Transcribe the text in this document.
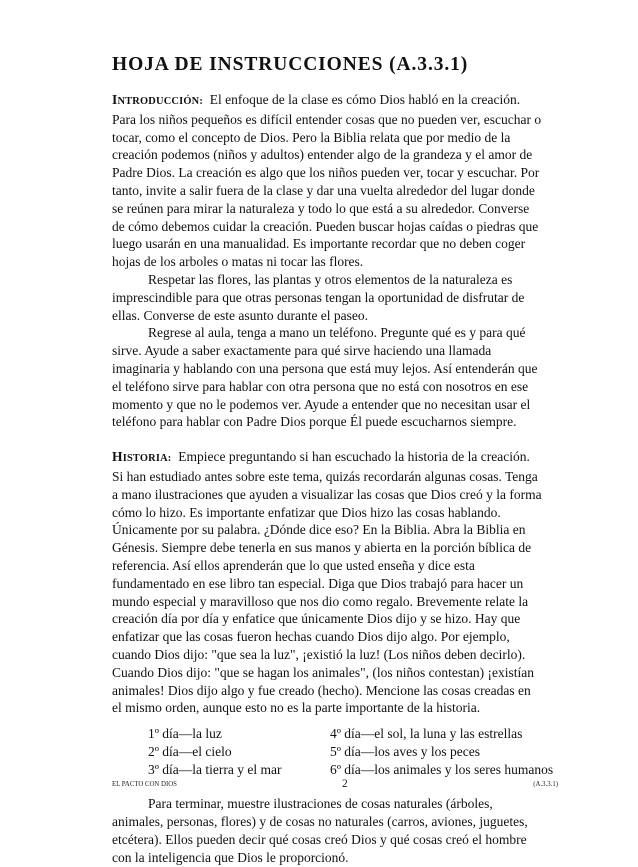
HOJA DE INSTRUCCIONES (A.3.3.1)

INTRODUCCIÓN: El enfoque de la clase es cómo Dios habló en la creación. Para los niños pequeños es difícil entender cosas que no pueden ver, escuchar o tocar, como el concepto de Dios. Pero la Biblia relata que por medio de la creación podemos (niños y adultos) entender algo de la grandeza y el amor de Padre Dios. La creación es algo que los niños pueden ver, tocar y escuchar. Por tanto, invite a salir fuera de la clase y dar una vuelta alrededor del lugar donde se reúnen para mirar la naturaleza y todo lo que está a su alrededor. Converse de cómo debemos cuidar la creación. Pueden buscar hojas caídas o piedras que luego usarán en una manualidad. Es importante recordar que no deben coger hojas de los arboles o matas ni tocar las flores.

Respetar las flores, las plantas y otros elementos de la naturaleza es imprescindible para que otras personas tengan la oportunidad de disfrutar de ellas. Converse de este asunto durante el paseo.

Regrese al aula, tenga a mano un teléfono. Pregunte qué es y para qué sirve. Ayude a saber exactamente para qué sirve haciendo una llamada imaginaria y hablando con una persona que está muy lejos. Así entenderán que el teléfono sirve para hablar con otra persona que no está con nosotros en ese momento y que no le podemos ver. Ayude a entender que no necesitan usar el teléfono para hablar con Padre Dios porque Él puede escucharnos siempre.

HISTORIA: Empiece preguntando si han escuchado la historia de la creación. Si han estudiado antes sobre este tema, quizás recordarán algunas cosas. Tenga a mano ilustraciones que ayuden a visualizar las cosas que Dios creó y la forma cómo lo hizo. Es importante enfatizar que Dios hizo las cosas hablando. Únicamente por su palabra. ¿Dónde dice eso? En la Biblia. Abra la Biblia en Génesis. Siempre debe tenerla en sus manos y abierta en la porción bíblica de referencia. Así ellos aprenderán que lo que usted enseña y dice esta fundamentado en ese libro tan especial. Diga que Dios trabajó para hacer un mundo especial y maravilloso que nos dio como regalo. Brevemente relate la creación día por día y enfatice que únicamente Dios dijo y se hizo. Hay que enfatizar que las cosas fueron hechas cuando Dios dijo algo. Por ejemplo, cuando Dios dijo: "que sea la luz", ¡existió la luz! (Los niños deben decirlo). Cuando Dios dijo: "que se hagan los animales", (los niños contestan) ¡existían animales! Dios dijo algo y fue creado (hecho). Mencione las cosas creadas en el mismo orden, aunque esto no es la parte importante de la historia.

1º día—la luz	4º día—el sol, la luna y las estrellas
2º día—el cielo	5º día—los aves y los peces
3º día—la tierra y el mar	6º día—los animales y los seres humanos

Para terminar, muestre ilustraciones de cosas naturales (árboles, animales, personas, flores) y de cosas no naturales (carros, aviones, juguetes, etcétera). Ellos pueden decir qué cosas creó Dios y qué cosas creó el hombre con la inteligencia que Dios le proporcionó.

EL PACTO CON DIOS	2	(A.3.3.1)
